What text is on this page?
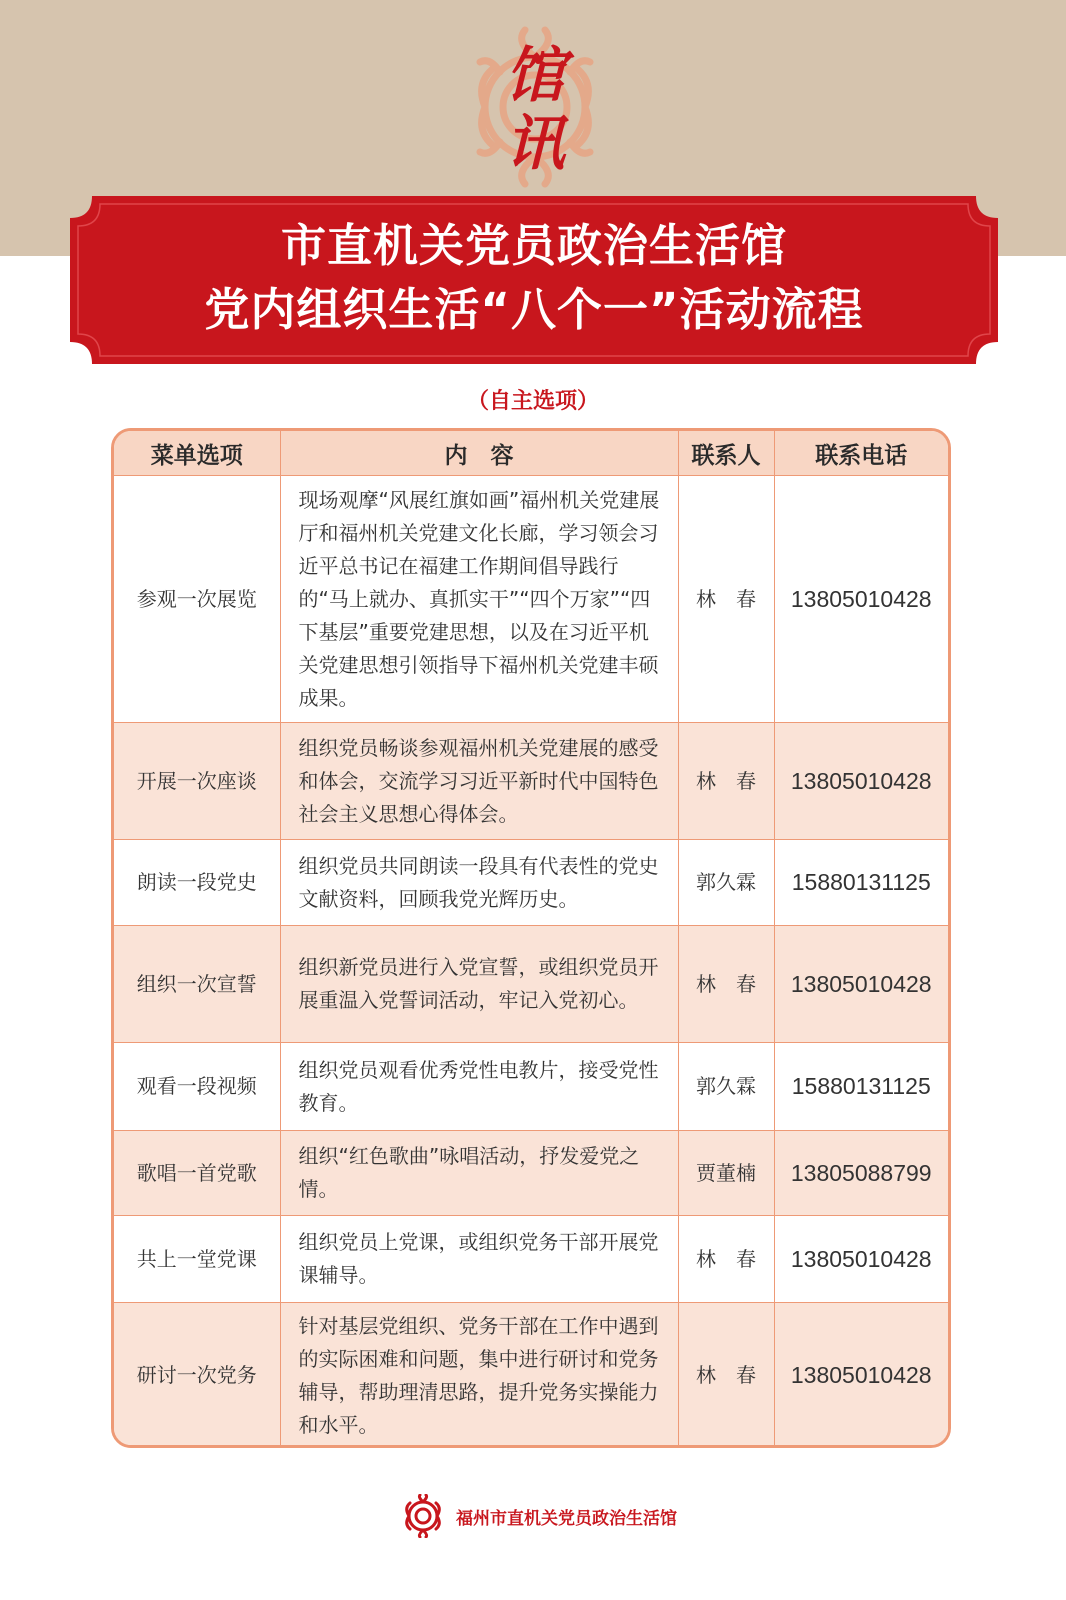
馆
讯
市直机关党员政治生活馆
党内组织生活“八个一”活动流程
（自主选项）
菜单选项	内　容	联系人	联系电话
参观一次展览	现场观摩“风展红旗如画”福州机关党建展厅和福州机关党建文化长廊，学习领会习近平总书记在福建工作期间倡导践行的“马上就办、真抓实干”“四个万家”“四下基层”重要党建思想，以及在习近平机关党建思想引领指导下福州机关党建丰硕成果。	林　春	13805010428
开展一次座谈	组织党员畅谈参观福州机关党建展的感受和体会，交流学习习近平新时代中国特色社会主义思想心得体会。	林　春	13805010428
朗读一段党史	组织党员共同朗读一段具有代表性的党史文献资料，回顾我党光辉历史。	郭久霖	15880131125
组织一次宣誓	组织新党员进行入党宣誓，或组织党员开展重温入党誓词活动，牢记入党初心。	林　春	13805010428
观看一段视频	组织党员观看优秀党性电教片，接受党性教育。	郭久霖	15880131125
歌唱一首党歌	组织“红色歌曲”咏唱活动，抒发爱党之情。	贾董楠	13805088799
共上一堂党课	组织党员上党课，或组织党务干部开展党课辅导。	林　春	13805010428
研讨一次党务	针对基层党组织、党务干部在工作中遇到的实际困难和问题，集中进行研讨和党务辅导，帮助理清思路，提升党务实操能力和水平。	林　春	13805010428
福州市直机关党员政治生活馆
